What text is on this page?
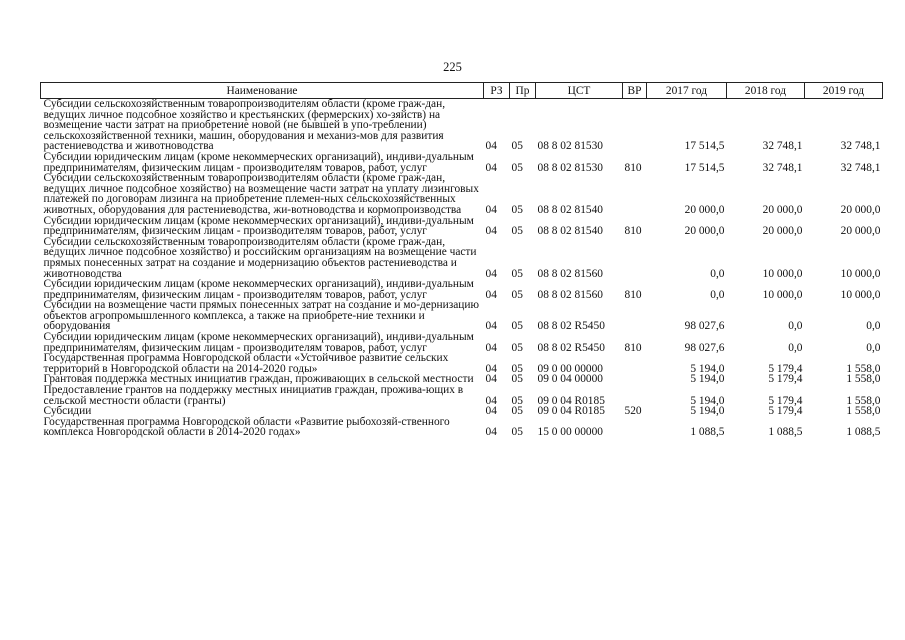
225
Наименование	РЗ	Пр	ЦСТ	ВР	2017 год	2018 год	2019 год
Субсидии сельскохозяйственным товаропроизводителям области (кроме граж-дан, ведущих личное подсобное хозяйство и крестьянских (фермерских) хо-зяйств) на возмещение части затрат на приобретение новой (не бывшей в упо-треблении) сельскохозяйственной техники, машин, оборудования и механиз-мов для развития растениеводства и животноводства	04	05	08 8 02 81530		17 514,5	32 748,1	32 748,1
Субсидии юридическим лицам (кроме некоммерческих организаций), индиви-дуальным предпринимателям, физическим лицам - производителям товаров, работ, услуг	04	05	08 8 02 81530	810	17 514,5	32 748,1	32 748,1
Субсидии сельскохозяйственным товаропроизводителям области (кроме граж-дан, ведущих личное подсобное хозяйство) на возмещение части затрат на уплату лизинговых платежей по договорам лизинга на приобретение племен-ных сельскохозяйственных животных, оборудования для растениеводства, жи-вотноводства и кормопроизводства	04	05	08 8 02 81540		20 000,0	20 000,0	20 000,0
Субсидии юридическим лицам (кроме некоммерческих организаций), индиви-дуальным предпринимателям, физическим лицам - производителям товаров, работ, услуг	04	05	08 8 02 81540	810	20 000,0	20 000,0	20 000,0
Субсидии сельскохозяйственным товаропроизводителям области (кроме граж-дан, ведущих личное подсобное хозяйство) и российским организациям на возмещение части прямых понесенных затрат на создание и модернизацию объектов растениеводства и животноводства	04	05	08 8 02 81560		0,0	10 000,0	10 000,0
Субсидии юридическим лицам (кроме некоммерческих организаций), индиви-дуальным предпринимателям, физическим лицам - производителям товаров, работ, услуг	04	05	08 8 02 81560	810	0,0	10 000,0	10 000,0
Субсидии на возмещение части прямых понесенных затрат на создание и мо-дернизацию объектов агропромышленного комплекса, а также на приобрете-ние техники и оборудования	04	05	08 8 02 R5450		98 027,6	0,0	0,0
Субсидии юридическим лицам (кроме некоммерческих организаций), индиви-дуальным предпринимателям, физическим лицам - производителям товаров, работ, услуг	04	05	08 8 02 R5450	810	98 027,6	0,0	0,0
Государственная программа Новгородской области «Устойчивое развитие сельских территорий в Новгородской области на 2014-2020 годы»	04	05	09 0 00 00000		5 194,0	5 179,4	1 558,0
Грантовая поддержка местных инициатив граждан, проживающих в сельской местности	04	05	09 0 04 00000		5 194,0	5 179,4	1 558,0
Предоставление грантов на поддержку местных инициатив граждан, прожива-ющих в сельской местности области (гранты)	04	05	09 0 04 R0185		5 194,0	5 179,4	1 558,0
Субсидии	04	05	09 0 04 R0185	520	5 194,0	5 179,4	1 558,0
Государственная программа Новгородской области «Развитие рыбохозяй-ственного комплекса Новгородской области в 2014-2020 годах»	04	05	15 0 00 00000		1 088,5	1 088,5	1 088,5
